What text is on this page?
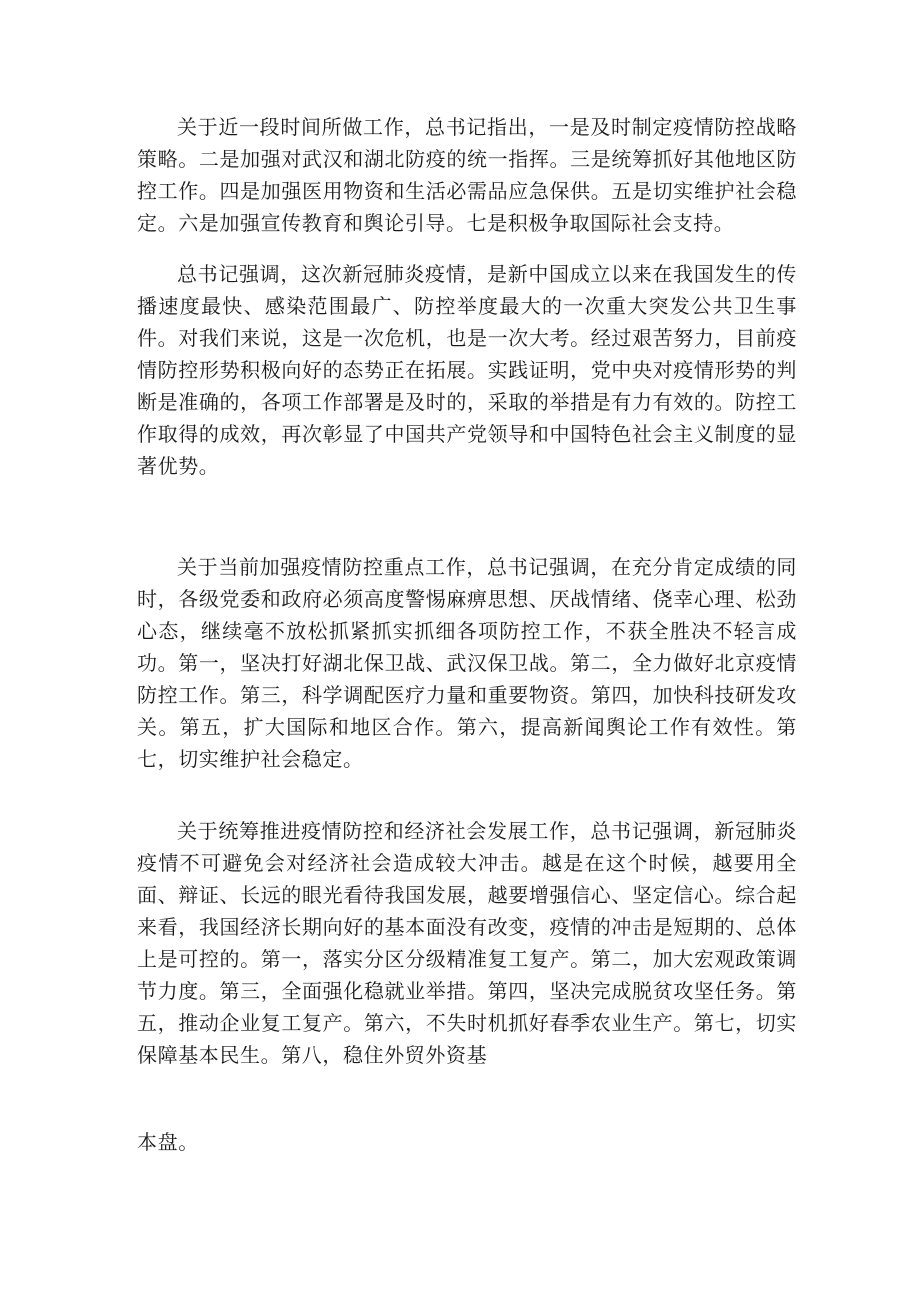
关于近一段时间所做工作，总书记指出，一是及时制定疫情防控战略策略。二是加强对武汉和湖北防疫的统一指挥。三是统筹抓好其他地区防控工作。四是加强医用物资和生活必需品应急保供。五是切实维护社会稳定。六是加强宣传教育和舆论引导。七是积极争取国际社会支持。

总书记强调，这次新冠肺炎疫情，是新中国成立以来在我国发生的传播速度最快、感染范围最广、防控举度最大的一次重大突发公共卫生事件。对我们来说，这是一次危机，也是一次大考。经过艰苦努力，目前疫情防控形势积极向好的态势正在拓展。实践证明，党中央对疫情形势的判断是准确的，各项工作部署是及时的，采取的举措是有力有效的。防控工作取得的成效，再次彰显了中国共产党领导和中国特色社会主义制度的显著优势。

关于当前加强疫情防控重点工作，总书记强调，在充分肯定成绩的同时，各级党委和政府必须高度警惕麻痹思想、厌战情绪、侥幸心理、松劲心态，继续毫不放松抓紧抓实抓细各项防控工作，不获全胜决不轻言成功。第一，坚决打好湖北保卫战、武汉保卫战。第二，全力做好北京疫情防控工作。第三，科学调配医疗力量和重要物资。第四，加快科技研发攻关。第五，扩大国际和地区合作。第六，提高新闻舆论工作有效性。第七，切实维护社会稳定。

关于统筹推进疫情防控和经济社会发展工作，总书记强调，新冠肺炎疫情不可避免会对经济社会造成较大冲击。越是在这个时候，越要用全面、辩证、长远的眼光看待我国发展，越要增强信心、坚定信心。综合起来看，我国经济长期向好的基本面没有改变，疫情的冲击是短期的、总体上是可控的。第一，落实分区分级精准复工复产。第二，加大宏观政策调节力度。第三，全面强化稳就业举措。第四，坚决完成脱贫攻坚任务。第五，推动企业复工复产。第六，不失时机抓好春季农业生产。第七，切实保障基本民生。第八，稳住外贸外资基

本盘。
